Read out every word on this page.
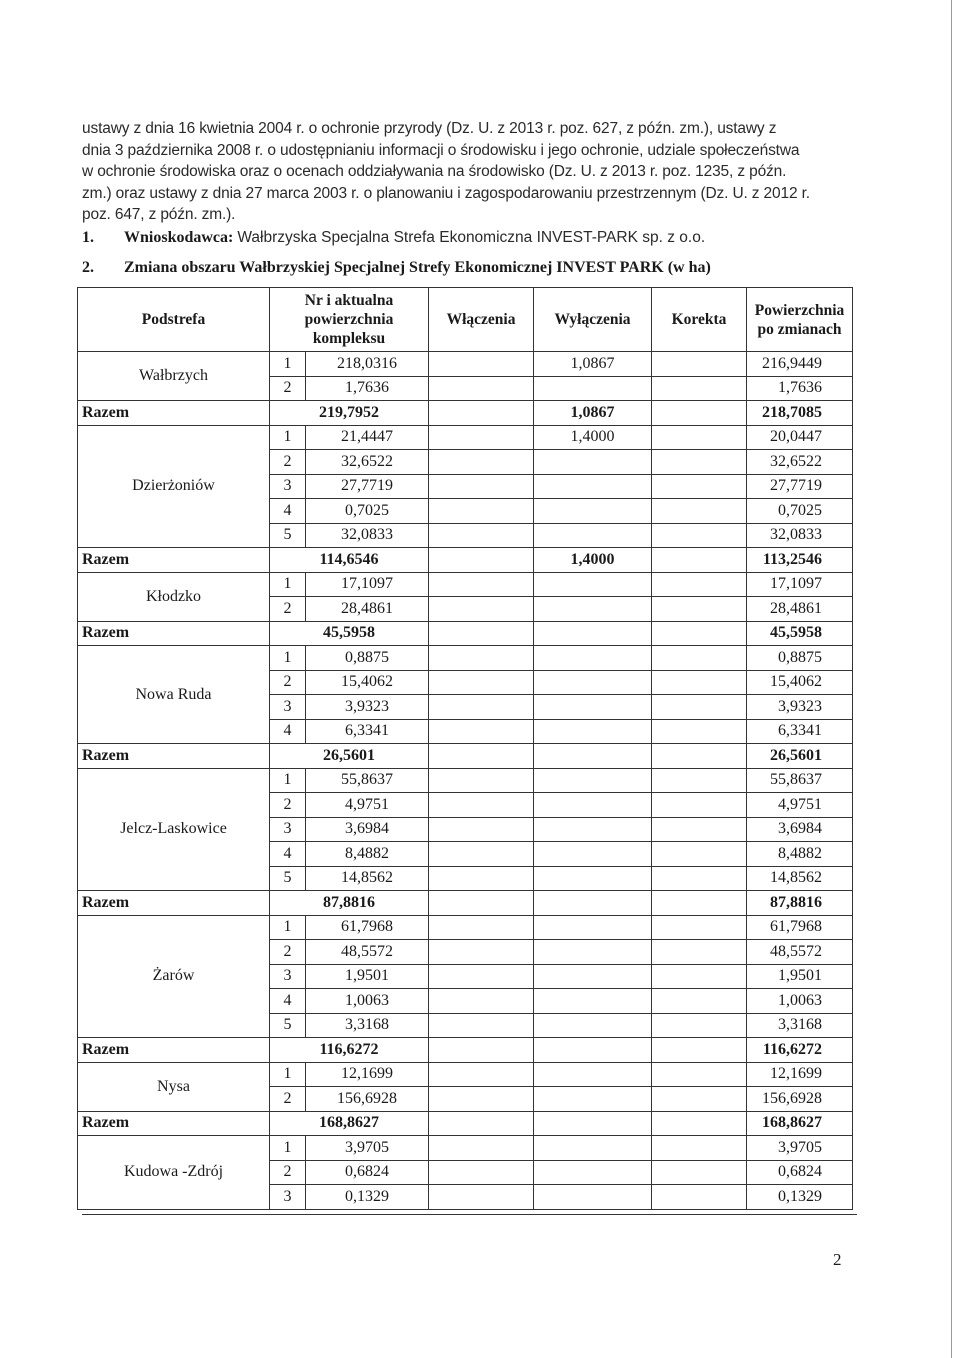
ustawy z dnia 16 kwietnia 2004 r. o ochronie przyrody (Dz. U. z 2013 r. poz. 627, z późn. zm.), ustawy z
dnia 3 października 2008 r. o udostępnianiu informacji o środowisku i jego ochronie, udziale społeczeństwa
w ochronie środowiska oraz o ocenach oddziaływania na środowisko (Dz. U. z 2013 r. poz. 1235, z późn.
zm.) oraz ustawy z dnia 27 marca 2003 r. o planowaniu i zagospodarowaniu przestrzennym (Dz. U. z 2012 r.
poz. 647, z późn. zm.).
1. Wnioskodawca: Wałbrzyska Specjalna Strefa Ekonomiczna INVEST-PARK sp. z o.o.
2. Zmiana obszaru Wałbrzyskiej Specjalnej Strefy Ekonomicznej INVEST PARK (w ha)
Podstrefa	Nr i aktualna powierzchnia kompleksu		Włączenia	Wyłączenia	Korekta	Powierzchnia po zmianach
Wałbrzych	1	218,0316		1,0867		216,9449
	2	1,7636				1,7636
Razem	219,7952			1,0867		218,7085
Dzierżoniów	1	21,4447		1,4000		20,0447
	2	32,6522				32,6522
	3	27,7719				27,7719
	4	0,7025				0,7025
	5	32,0833				32,0833
Razem	114,6546			1,4000		113,2546
Kłodzko	1	17,1097				17,1097
	2	28,4861				28,4861
Razem	45,5958					45,5958
Nowa Ruda	1	0,8875				0,8875
	2	15,4062				15,4062
	3	3,9323				3,9323
	4	6,3341				6,3341
Razem	26,5601					26,5601
Jelcz-Laskowice	1	55,8637				55,8637
	2	4,9751				4,9751
	3	3,6984				3,6984
	4	8,4882				8,4882
	5	14,8562				14,8562
Razem	87,8816					87,8816
Żarów	1	61,7968				61,7968
	2	48,5572				48,5572
	3	1,9501				1,9501
	4	1,0063				1,0063
	5	3,3168				3,3168
Razem	116,6272					116,6272
Nysa	1	12,1699				12,1699
	2	156,6928				156,6928
Razem	168,8627					168,8627
Kudowa -Zdrój	1	3,9705				3,9705
	2	0,6824				0,6824
	3	0,1329				0,1329
2
